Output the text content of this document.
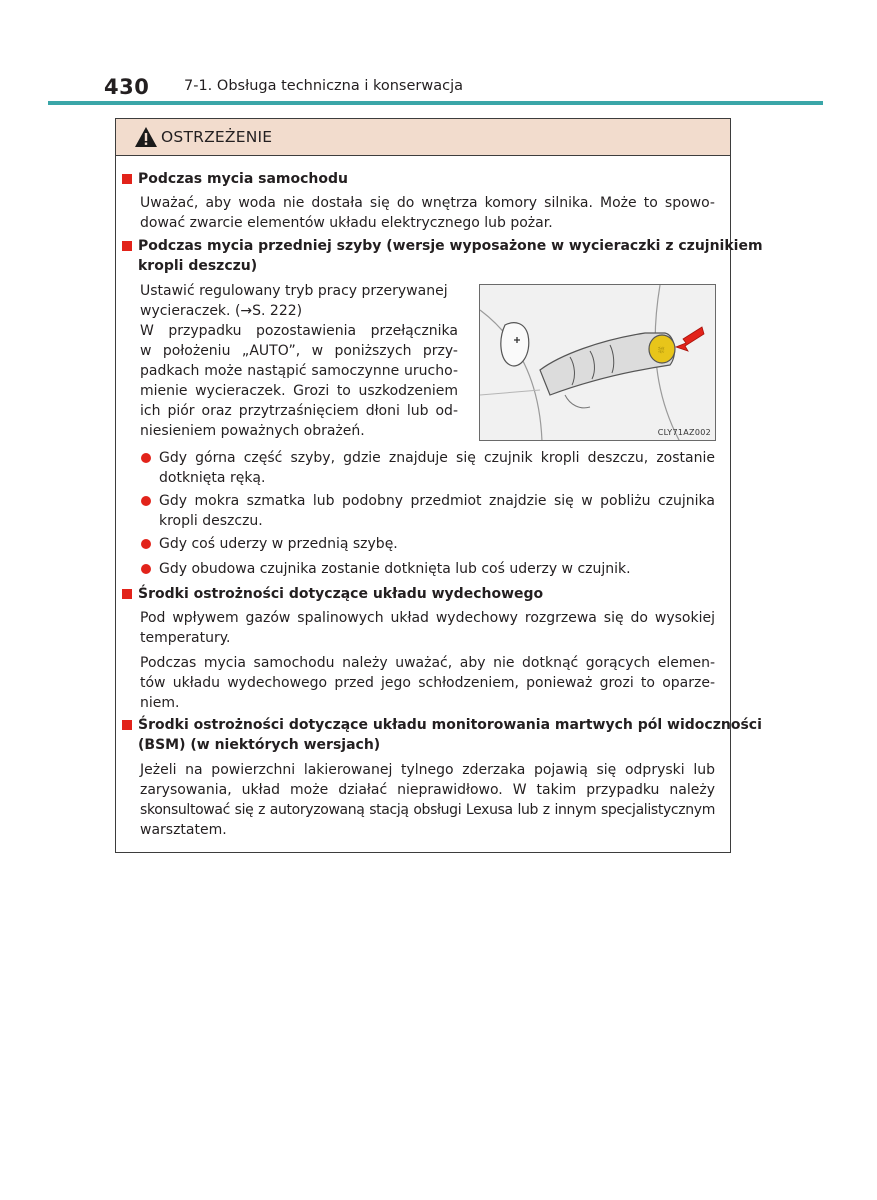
430 7-1. Obsługa techniczna i konserwacja
OSTRZEŻENIE
Podczas mycia samochodu
Uważać, aby woda nie dostała się do wnętrza komory silnika. Może to spowo-
dować zwarcie elementów układu elektrycznego lub pożar.
Podczas mycia przedniej szyby (wersje wyposażone w wycieraczki z czujnikiem
kropli deszczu)
Ustawić regulowany tryb pracy przerywanej
wycieraczek. (→S. 222)
W przypadku pozostawienia przełącznika
w położeniu „AUTO”, w poniższych przy-
padkach może nastąpić samoczynne urucho-
mienie wycieraczek. Grozi to uszkodzeniem
ich piór oraz przytrzaśnięciem dłoni lub od-
niesieniem poważnych obrażeń.
⛆
CLY71AZ002
Gdy górna część szyby, gdzie znajduje się czujnik kropli deszczu, zostanie
dotknięta ręką.
Gdy mokra szmatka lub podobny przedmiot znajdzie się w pobliżu czujnika
kropli deszczu.
Gdy coś uderzy w przednią szybę.
Gdy obudowa czujnika zostanie dotknięta lub coś uderzy w czujnik.
Środki ostrożności dotyczące układu wydechowego
Pod wpływem gazów spalinowych układ wydechowy rozgrzewa się do wysokiej
temperatury.
Podczas mycia samochodu należy uważać, aby nie dotknąć gorących elemen-
tów układu wydechowego przed jego schłodzeniem, ponieważ grozi to oparze-
niem.
Środki ostrożności dotyczące układu monitorowania martwych pól widoczności
(BSM) (w niektórych wersjach)
Jeżeli na powierzchni lakierowanej tylnego zderzaka pojawią się odpryski lub
zarysowania, układ może działać nieprawidłowo. W takim przypadku należy
skonsultować się z autoryzowaną stacją obsługi Lexusa lub z innym specjalistycznym
warsztatem.
